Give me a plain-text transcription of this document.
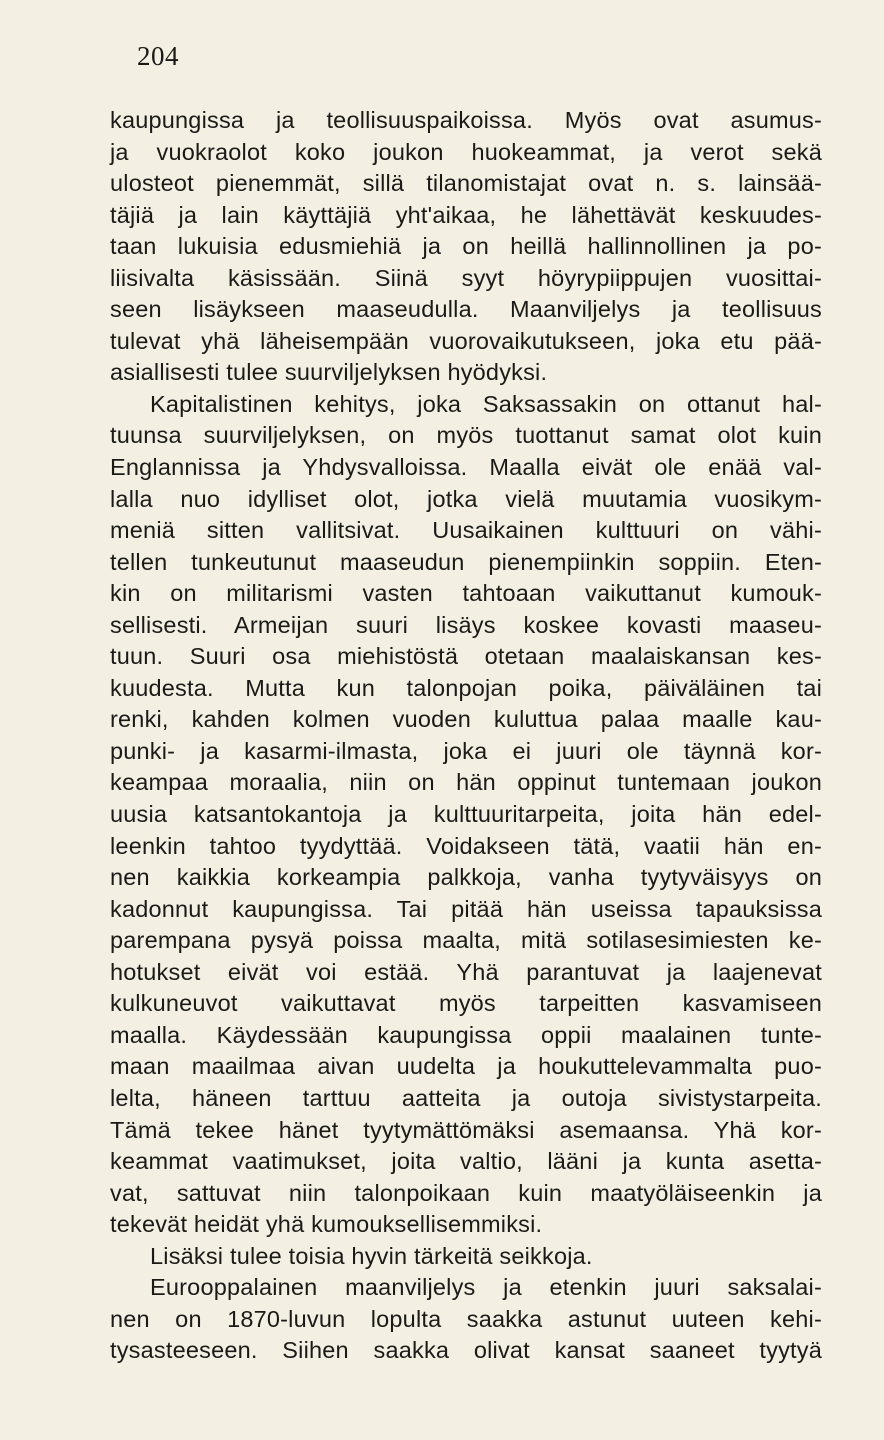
204
kaupungissa ja teollisuuspaikoissa. Myös ovat asumus-
ja vuokraolot koko joukon huokeammat, ja verot sekä
ulosteot pienemmät, sillä tilanomistajat ovat n. s. lainsää-
täjiä ja lain käyttäjiä yht'aikaa, he lähettävät keskuudes-
taan lukuisia edusmiehiä ja on heillä hallinnollinen ja po-
liisivalta käsissään. Siinä syyt höyrypiippujen vuosittai-
seen lisäykseen maaseudulla. Maanviljelys ja teollisuus
tulevat yhä läheisempään vuorovaikutukseen, joka etu pää-
asiallisesti tulee suurviljelyksen hyödyksi.
Kapitalistinen kehitys, joka Saksassakin on ottanut hal-
tuunsa suurviljelyksen, on myös tuottanut samat olot kuin
Englannissa ja Yhdysvalloissa. Maalla eivät ole enää val-
lalla nuo idylliset olot, jotka vielä muutamia vuosikym-
meniä sitten vallitsivat. Uusaikainen kulttuuri on vähi-
tellen tunkeutunut maaseudun pienempiinkin soppiin. Eten-
kin on militarismi vasten tahtoaan vaikuttanut kumouk-
sellisesti. Armeijan suuri lisäys koskee kovasti maaseu-
tuun. Suuri osa miehistöstä otetaan maalaiskansan kes-
kuudesta. Mutta kun talonpojan poika, päiväläinen tai
renki, kahden kolmen vuoden kuluttua palaa maalle kau-
punki- ja kasarmi-ilmasta, joka ei juuri ole täynnä kor-
keampaa moraalia, niin on hän oppinut tuntemaan joukon
uusia katsantokantoja ja kulttuuritarpeita, joita hän edel-
leenkin tahtoo tyydyttää. Voidakseen tätä, vaatii hän en-
nen kaikkia korkeampia palkkoja, vanha tyytyväisyys on
kadonnut kaupungissa. Tai pitää hän useissa tapauksissa
parempana pysyä poissa maalta, mitä sotilasesimiesten ke-
hotukset eivät voi estää. Yhä parantuvat ja laajenevat
kulkuneuvot vaikuttavat myös tarpeitten kasvamiseen
maalla. Käydessään kaupungissa oppii maalainen tunte-
maan maailmaa aivan uudelta ja houkuttelevammalta puo-
lelta, häneen tarttuu aatteita ja outoja sivistystarpeita.
Tämä tekee hänet tyytymättömäksi asemaansa. Yhä kor-
keammat vaatimukset, joita valtio, lääni ja kunta asetta-
vat, sattuvat niin talonpoikaan kuin maatyöläiseenkin ja
tekevät heidät yhä kumouksellisemmiksi.
Lisäksi tulee toisia hyvin tärkeitä seikkoja.
Eurooppalainen maanviljelys ja etenkin juuri saksalai-
nen on 1870-luvun lopulta saakka astunut uuteen kehi-
tysasteeseen. Siihen saakka olivat kansat saaneet tyytyä
